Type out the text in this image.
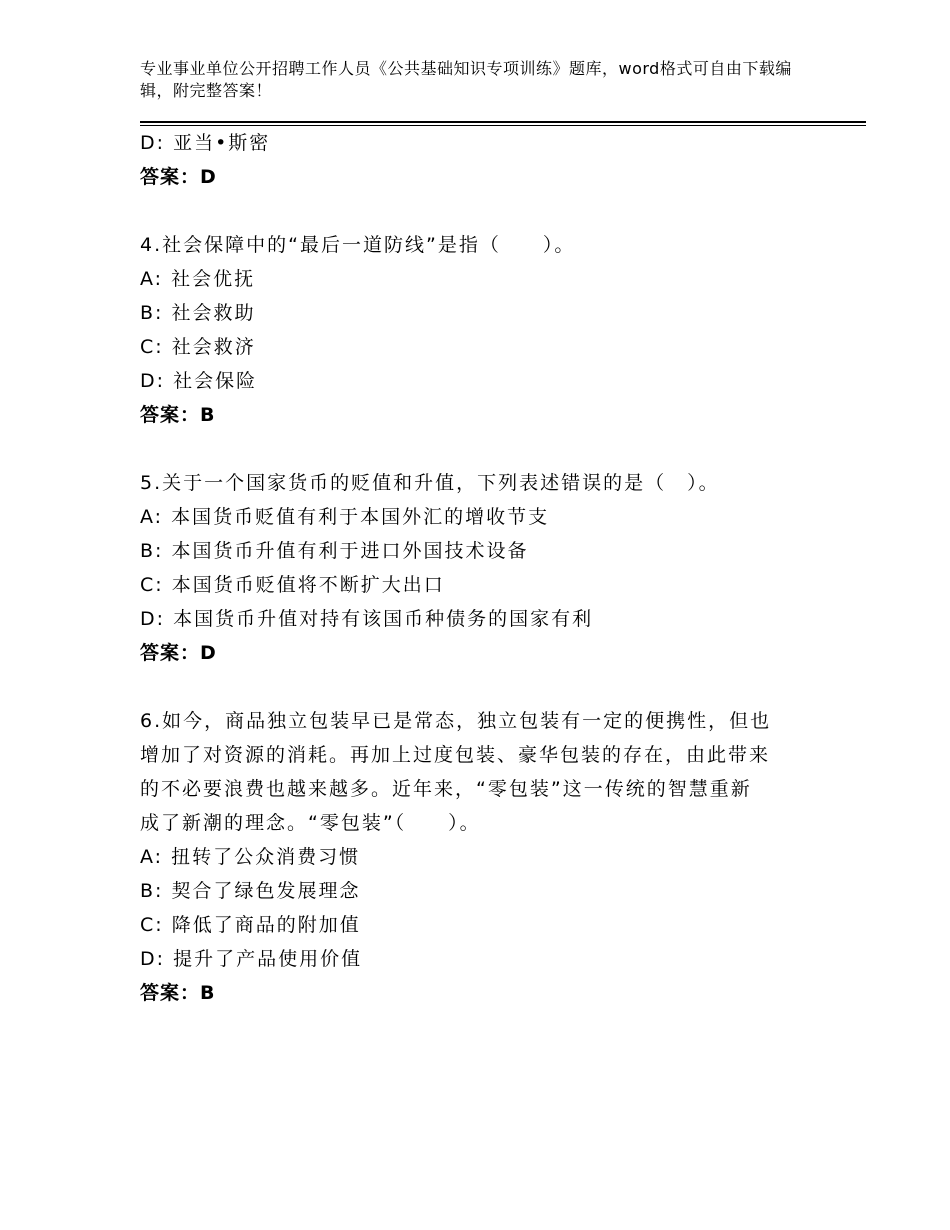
专业事业单位公开招聘工作人员《公共基础知识专项训练》题库，word格式可自由下载编辑，附完整答案！
D: 亚当•斯密
答案：D
4.社会保障中的“最后一道防线”是指（　　）。
A: 社会优抚
B: 社会救助
C: 社会救济
D: 社会保险
答案：B
5.关于一个国家货币的贬值和升值，下列表述错误的是（　）。
A: 本国货币贬值有利于本国外汇的增收节支
B: 本国货币升值有利于进口外国技术设备
C: 本国货币贬值将不断扩大出口
D: 本国货币升值对持有该国币种债务的国家有利
答案：D
6.如今，商品独立包装早已是常态，独立包装有一定的便携性，但也
增加了对资源的消耗。再加上过度包装、豪华包装的存在，由此带来
的不必要浪费也越来越多。近年来，“零包装”这一传统的智慧重新
成了新潮的理念。“零包装”（　　）。
A: 扭转了公众消费习惯
B: 契合了绿色发展理念
C: 降低了商品的附加值
D: 提升了产品使用价值
答案：B
